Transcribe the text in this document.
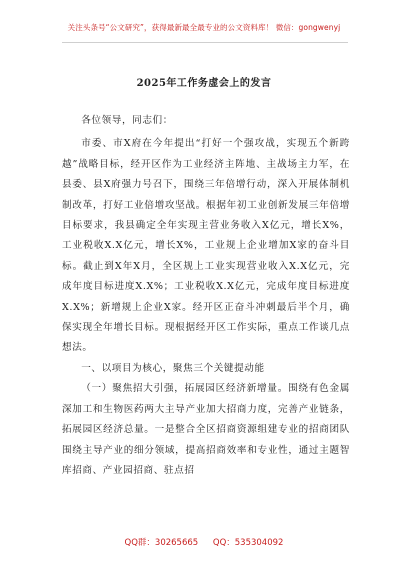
关注头条号“公文研究”，获得最新最全最专业的公文资料库！ 微信：gongwenyj
2025年工作务虚会上的发言

各位领导，同志们：

市委、市X府在今年提出“打好一个强攻战，实现五个新跨越”战略目标，经开区作为工业经济主阵地、主战场主力军，在县委、县X府强力号召下，围绕三年倍增行动，深入开展体制机制改革，打好工业倍增攻坚战。根据年初工业创新发展三年倍增目标要求，我县确定全年实现主营业务收入X亿元，增长X%，工业税收X.X亿元，增长X%，工业规上企业增加X家的奋斗目标。截止到X年X月，全区规上工业实现营业收入X.X亿元，完成年度目标进度X.X%；工业税收X.X亿元，完成年度目标进度X.X%；新增规上企业X家。经开区正奋斗冲刺最后半个月，确保实现全年增长目标。现根据经开区工作实际，重点工作谈几点想法。

一、以项目为核心，聚焦三个关键提动能

（一）聚焦招大引强，拓展园区经济新增量。围绕有色金属深加工和生物医药两大主导产业加大招商力度，完善产业链条，拓展园区经济总量。一是整合全区招商资源组建专业的招商团队围绕主导产业的细分领域，提高招商效率和专业性，通过主题智库招商、产业园招商、驻点招

QQ群：30265665 QQ：535304092
